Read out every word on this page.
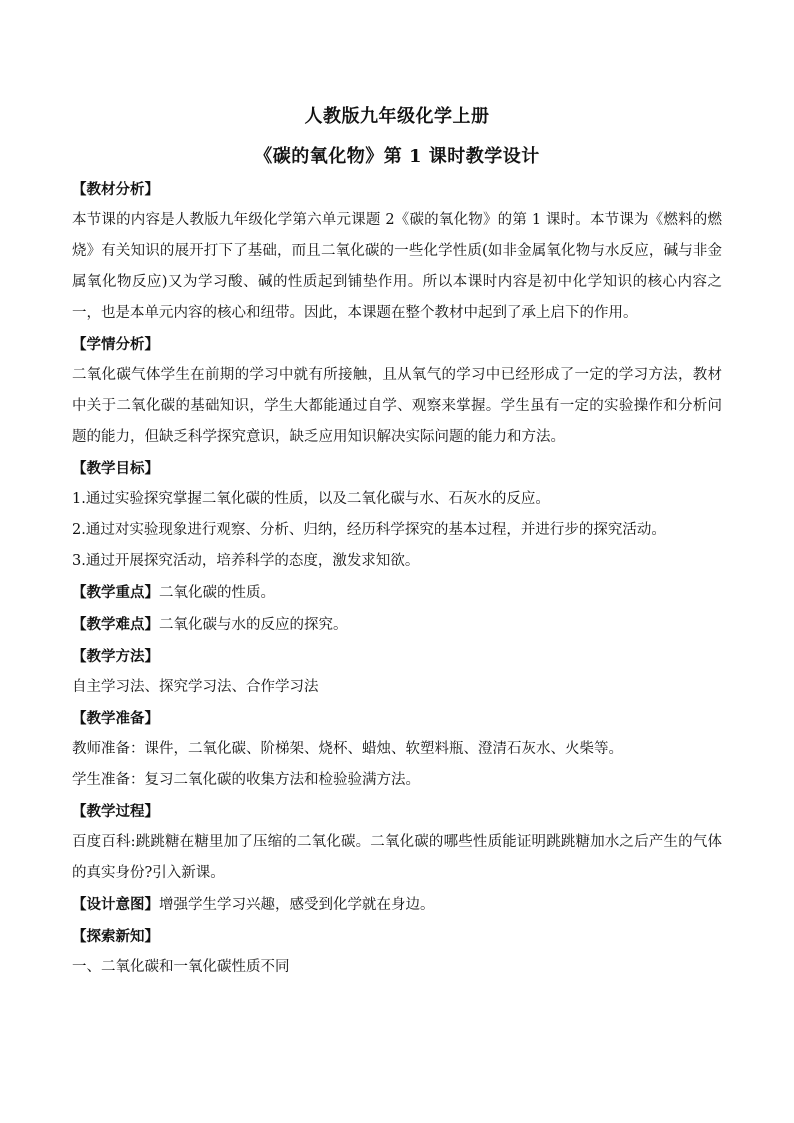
人教版九年级化学上册

《碳的氧化物》第 1 课时教学设计

【教材分析】

本节课的内容是人教版九年级化学第六单元课题 2《碳的氧化物》的第 1 课时。本节课为《燃料的燃烧》有关知识的展开打下了基础，而且二氧化碳的一些化学性质(如非金属氧化物与水反应，碱与非金属氧化物反应)又为学习酸、碱的性质起到铺垫作用。所以本课时内容是初中化学知识的核心内容之一，也是本单元内容的核心和纽带。因此，本课题在整个教材中起到了承上启下的作用。

【学情分析】

二氧化碳气体学生在前期的学习中就有所接触，且从氧气的学习中已经形成了一定的学习方法，教材中关于二氧化碳的基础知识，学生大都能通过自学、观察来掌握。学生虽有一定的实验操作和分析问题的能力，但缺乏科学探究意识，缺乏应用知识解决实际问题的能力和方法。

【教学目标】

1.通过实验探究掌握二氧化碳的性质，以及二氧化碳与水、石灰水的反应。

2.通过对实验现象进行观察、分析、归纳，经历科学探究的基本过程，并进行步的探究活动。

3.通过开展探究活动，培养科学的态度，激发求知欲。

【教学重点】二氧化碳的性质。

【教学难点】二氧化碳与水的反应的探究。

【教学方法】

自主学习法、探究学习法、合作学习法

【教学准备】

教师准备：课件，二氧化碳、阶梯架、烧杯、蜡烛、软塑料瓶、澄清石灰水、火柴等。

学生准备：复习二氧化碳的收集方法和检验验满方法。

【教学过程】

百度百科:跳跳糖在糖里加了压缩的二氧化碳。二氧化碳的哪些性质能证明跳跳糖加水之后产生的气体的真实身份?引入新课。

【设计意图】增强学生学习兴趣，感受到化学就在身边。

【探索新知】

一、二氧化碳和一氧化碳性质不同
